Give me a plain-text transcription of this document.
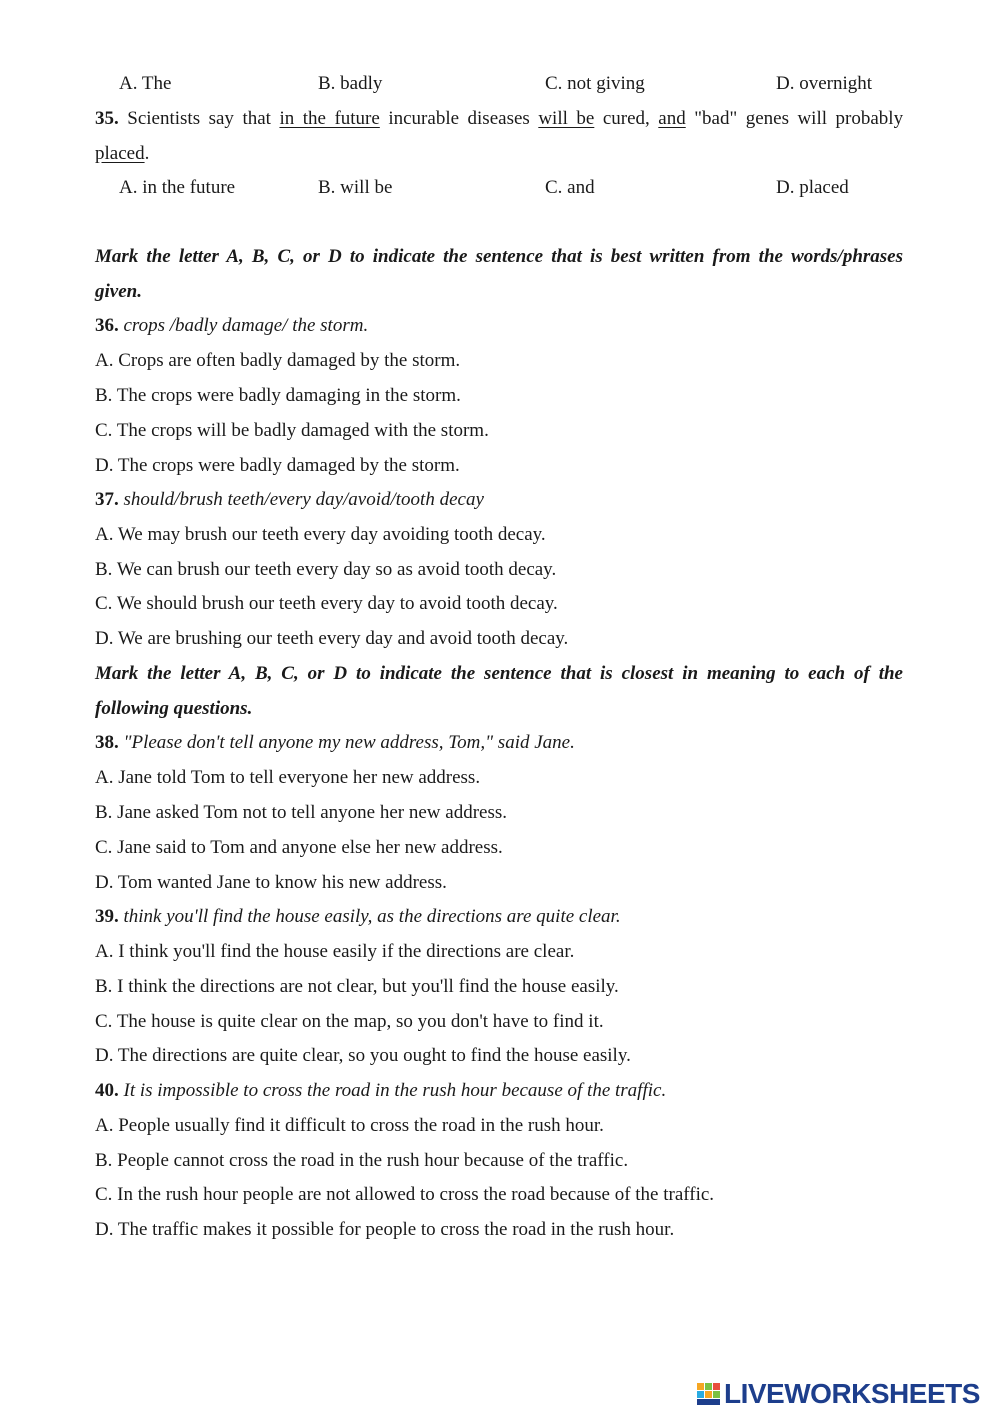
A. The	B. badly	C. not giving	D. overnight
35. Scientists say that in the future incurable diseases will be cured, and "bad" genes will probably
placed.
A. in the future	B. will be	C. and	D. placed
Mark the letter A, B, C, or D to indicate the sentence that is best written from the words/phrases
given.
36. crops /badly damage/ the storm.
A. Crops are often badly damaged by the storm.
B. The crops were badly damaging in the storm.
C. The crops will be badly damaged with the storm.
D. The crops were badly damaged by the storm.
37. should/brush teeth/every day/avoid/tooth decay
A. We may brush our teeth every day avoiding tooth decay.
B. We can brush our teeth every day so as avoid tooth decay.
C. We should brush our teeth every day to avoid tooth decay.
D. We are brushing our teeth every day and avoid tooth decay.
Mark the letter A, B, C, or D to indicate the sentence that is closest in meaning to each of the
following questions.
38. "Please don't tell anyone my new address, Tom," said Jane.
A. Jane told Tom to tell everyone her new address.
B. Jane asked Tom not to tell anyone her new address.
C. Jane said to Tom and anyone else her new address.
D. Tom wanted Jane to know his new address.
39. think you'll find the house easily, as the directions are quite clear.
A. I think you'll find the house easily if the directions are clear.
B. I think the directions are not clear, but you'll find the house easily.
C. The house is quite clear on the map, so you don't have to find it.
D. The directions are quite clear, so you ought to find the house easily.
40. It is impossible to cross the road in the rush hour because of the traffic.
A. People usually find it difficult to cross the road in the rush hour.
B. People cannot cross the road in the rush hour because of the traffic.
C. In the rush hour people are not allowed to cross the road because of the traffic.
D. The traffic makes it possible for people to cross the road in the rush hour.
LIVEWORKSHEETS
